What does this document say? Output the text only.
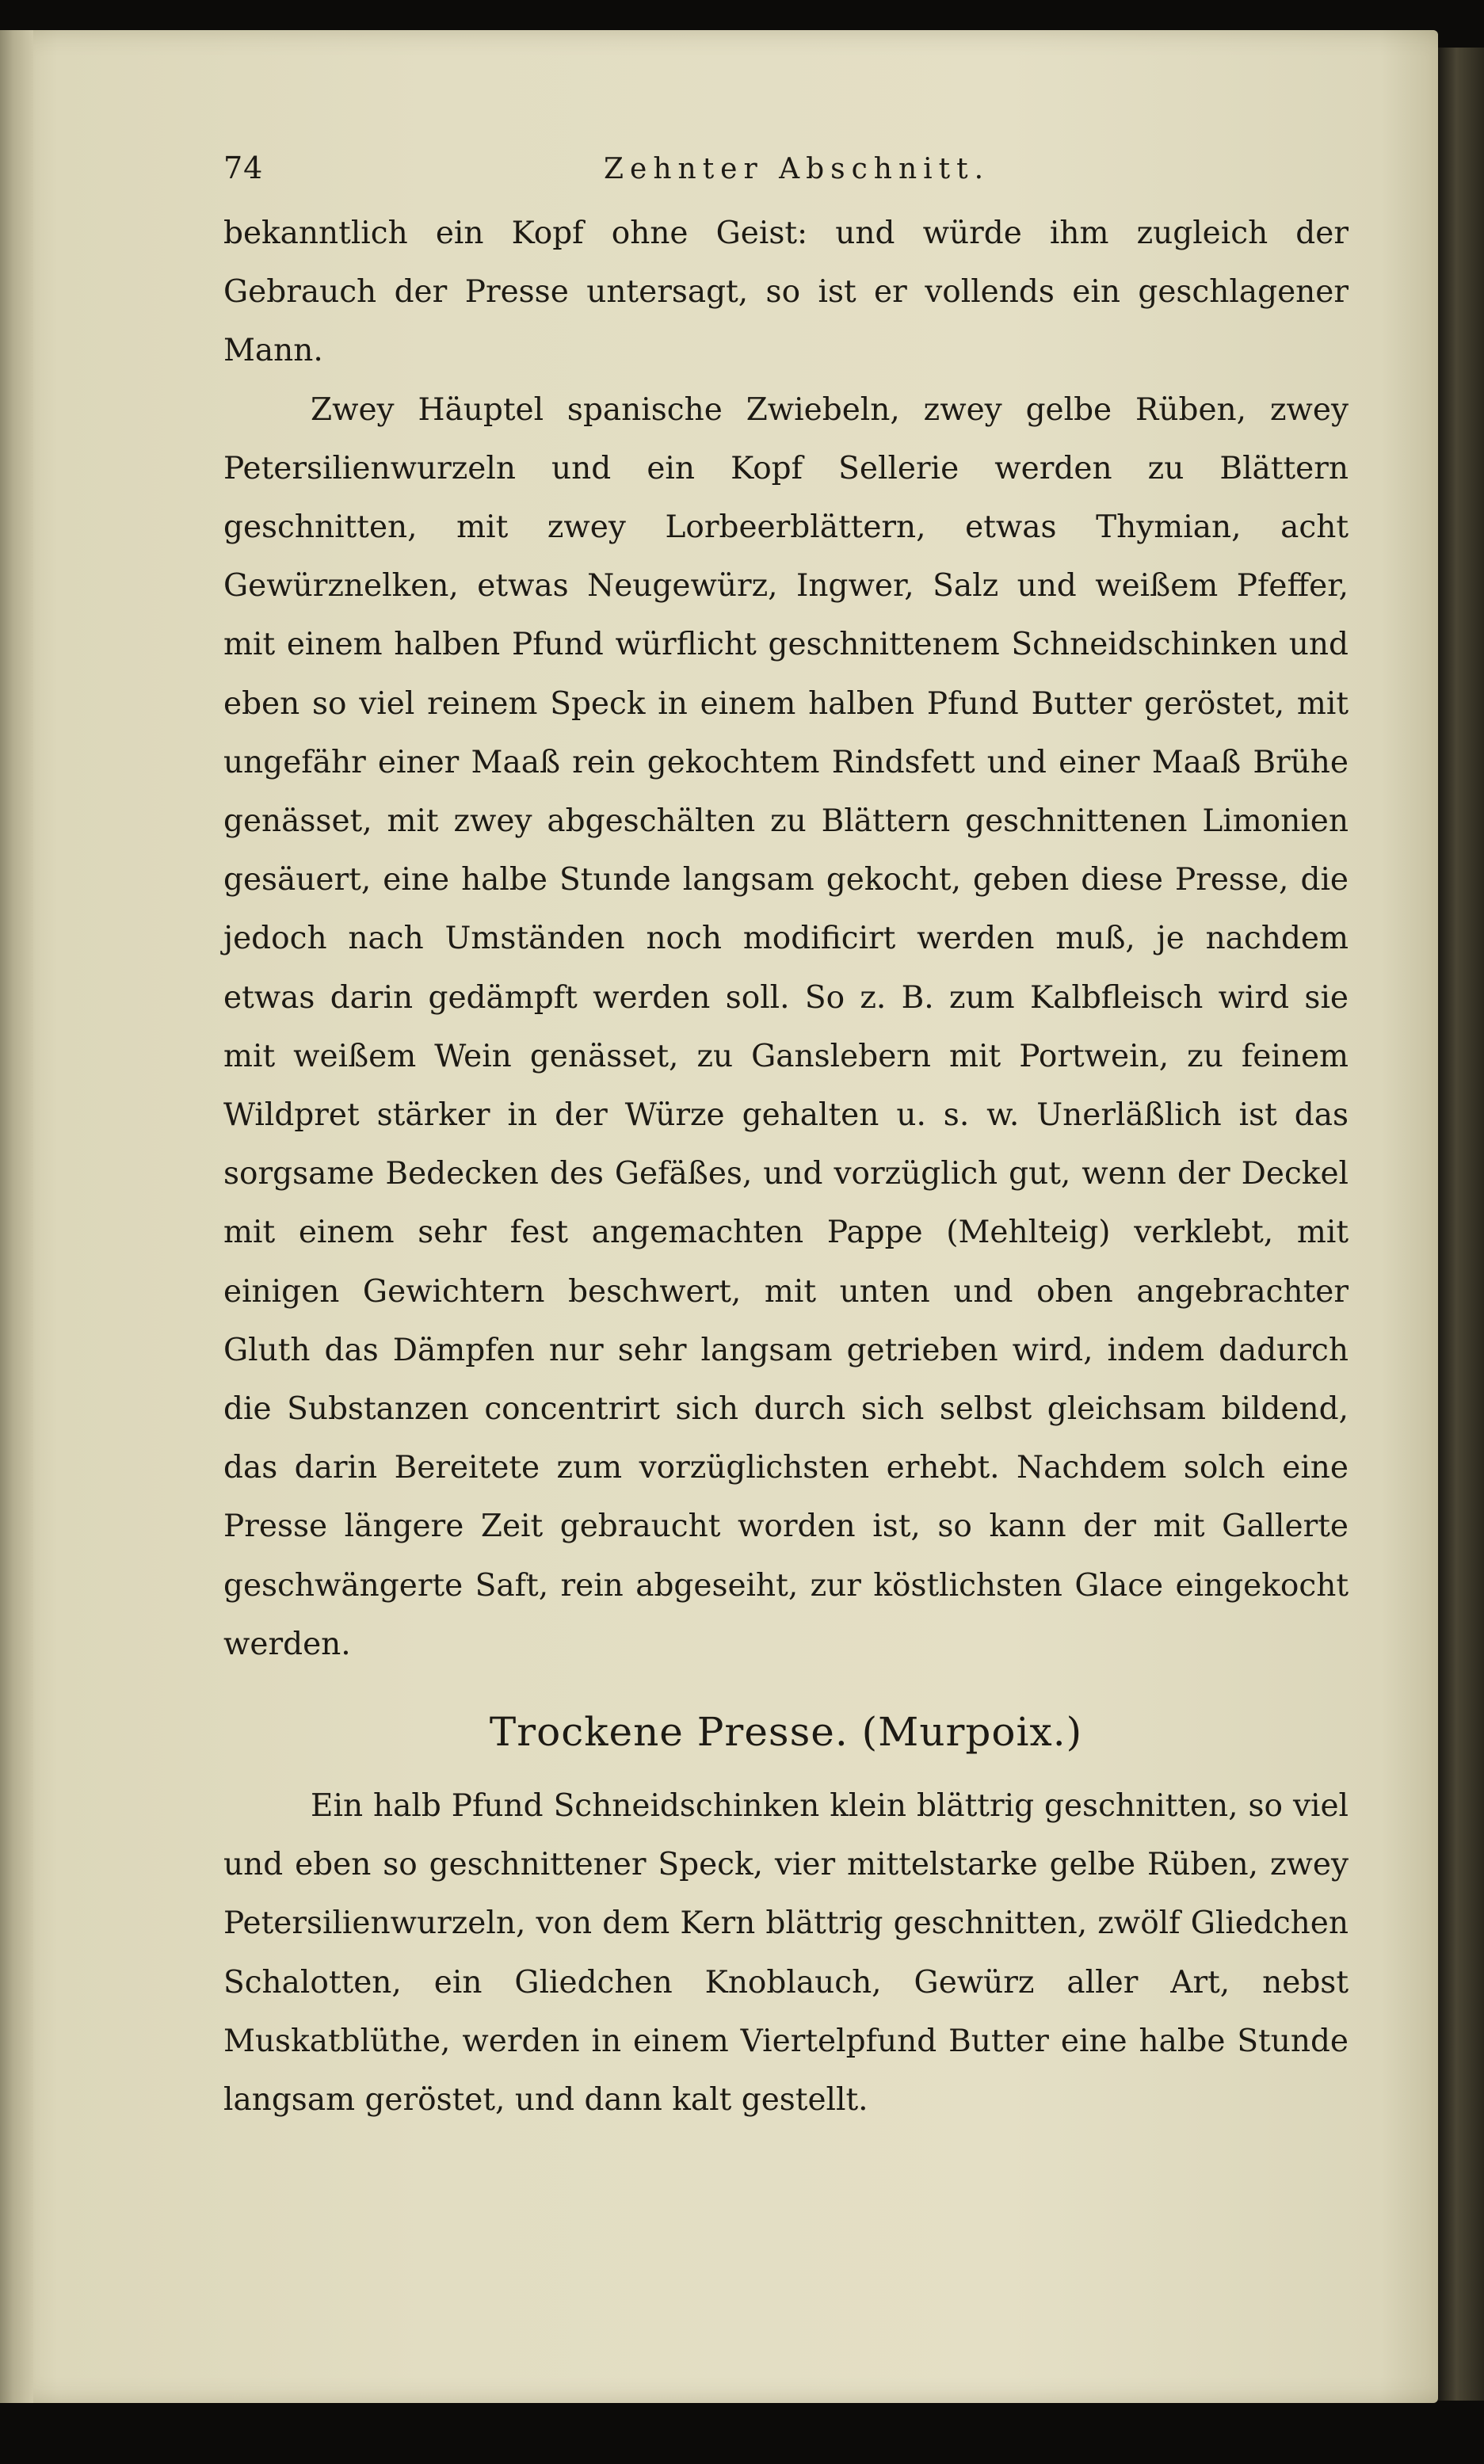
74	Zehnter Abschnitt.

bekanntlich ein Kopf ohne Geist: und würde ihm zugleich der Gebrauch der Presse untersagt, so ist er vollends ein geschlagener Mann.

Zwey Häuptel spanische Zwiebeln, zwey gelbe Rüben, zwey Petersilienwurzeln und ein Kopf Sellerie werden zu Blättern geschnitten, mit zwey Lorbeerblättern, etwas Thymian, acht Gewürznelken, etwas Neugewürz, Ingwer, Salz und weißem Pfeffer, mit einem halben Pfund würflicht geschnittenem Schneidschinken und eben so viel reinem Speck in einem halben Pfund Butter geröstet, mit ungefähr einer Maaß rein gekochtem Rindsfett und einer Maaß Brühe genässet, mit zwey abgeschälten zu Blättern geschnittenen Limonien gesäuert, eine halbe Stunde langsam gekocht, geben diese Presse, die jedoch nach Umständen noch modificirt werden muß, je nachdem etwas darin gedämpft werden soll. So z. B. zum Kalbfleisch wird sie mit weißem Wein genässet, zu Ganslebern mit Portwein, zu feinem Wildpret stärker in der Würze gehalten u. s. w. Unerläßlich ist das sorgsame Bedecken des Gefäßes, und vorzüglich gut, wenn der Deckel mit einem sehr fest angemachten Pappe (Mehlteig) verklebt, mit einigen Gewichtern beschwert, mit unten und oben angebrachter Gluth das Dämpfen nur sehr langsam getrieben wird, indem dadurch die Substanzen concentrirt sich durch sich selbst gleichsam bildend, das darin Bereitete zum vorzüglichsten erhebt. Nachdem solch eine Presse längere Zeit gebraucht worden ist, so kann der mit Gallerte geschwängerte Saft, rein abgeseiht, zur köstlichsten Glace eingekocht werden.

Trockene Presse. (Murpoix.)

Ein halb Pfund Schneidschinken klein blättrig geschnitten, so viel und eben so geschnittener Speck, vier mittelstarke gelbe Rüben, zwey Petersilienwurzeln, von dem Kern blättrig geschnitten, zwölf Gliedchen Schalotten, ein Gliedchen Knoblauch, Gewürz aller Art, nebst Muskatblüthe, werden in einem Viertelpfund Butter eine halbe Stunde langsam geröstet, und dann kalt gestellt.
